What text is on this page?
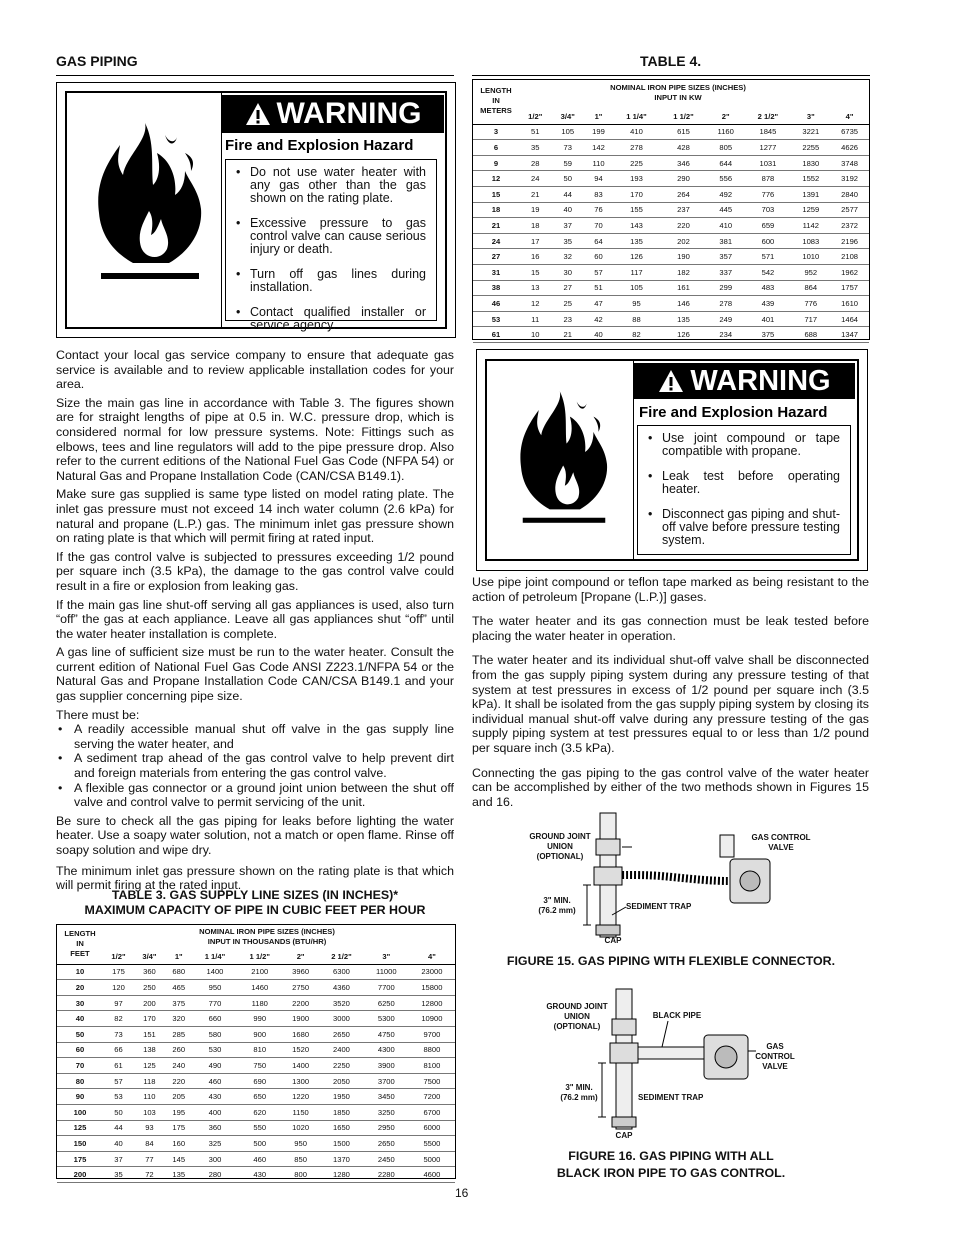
GAS PIPING	TABLE 4.
WARNING
Fire and Explosion Hazard
• Do not use water heater with any gas other than the gas shown on the rating plate.
• Excessive pressure to gas control valve can cause serious injury or death.
• Turn off gas lines during installation.
• Contact qualified installer or service agency.

Contact your local gas service company to ensure that adequate gas service is available and to review applicable installation codes for your area.

Size the main gas line in accordance with Table 3. The figures shown are for straight lengths of pipe at 0.5 in. W.C. pressure drop, which is considered normal for low pressure systems. Note: Fittings such as elbows, tees and line regulators will add to the pipe pressure drop. Also refer to the current editions of the National Fuel Gas Code (NFPA 54) or Natural Gas and Propane Installation Code (CAN/CSA B149.1).

Make sure gas supplied is same type listed on model rating plate. The inlet gas pressure must not exceed 14 inch water column (2.6 kPa) for natural and propane (L.P.) gas. The minimum inlet gas pressure shown on rating plate is that which will permit firing at rated input.

If the gas control valve is subjected to pressures exceeding 1/2 pound per square inch (3.5 kPa), the damage to the gas control valve could result in a fire or explosion from leaking gas.

If the main gas line shut-off serving all gas appliances is used, also turn “off” the gas at each appliance. Leave all gas appliances shut “off” until the water heater installation is complete.

A gas line of sufficient size must be run to the water heater. Consult the current edition of National Fuel Gas Code ANSI Z223.1/NFPA 54 or the Natural Gas and Propane Installation Code CAN/CSA B149.1 and your gas supplier concerning pipe size.

There must be:

• A readily accessible manual shut off valve in the gas supply line serving the water heater, and
• A sediment trap ahead of the gas control valve to help prevent dirt and foreign materials from entering the gas control valve.
• A flexible gas connector or a ground joint union between the shut off valve and control valve to permit servicing of the unit.

Be sure to check all the gas piping for leaks before lighting the water heater. Use a soapy water solution, not a match or open flame. Rinse off soapy solution and wipe dry.

The minimum inlet gas pressure shown on the rating plate is that which will permit firing at the rated input.

TABLE 3. GAS SUPPLY LINE SIZES (IN INCHES)*
MAXIMUM CAPACITY OF PIPE IN CUBIC FEET PER HOUR
LENGTH
IN
FEET
NOMINAL IRON PIPE SIZES (INCHES)
INPUT IN THOUSANDS (BTU/HR)
	1/2"	3/4"	1"	1 1/4"	1 1/2"	2"	2 1/2"	3"	4"
10	175	360	680	1400	2100	3960	6300	11000	23000
20	120	250	465	950	1460	2750	4360	7700	15800
30	97	200	375	770	1180	2200	3520	6250	12800
40	82	170	320	660	990	1900	3000	5300	10900
50	73	151	285	580	900	1680	2650	4750	9700
60	66	138	260	530	810	1520	2400	4300	8800
70	61	125	240	490	750	1400	2250	3900	8100
80	57	118	220	460	690	1300	2050	3700	7500
90	53	110	205	430	650	1220	1950	3450	7200
100	50	103	195	400	620	1150	1850	3250	6700
125	44	93	175	360	550	1020	1650	2950	6000
150	40	84	160	325	500	950	1500	2650	5500
175	37	77	145	300	460	850	1370	2450	5000
200	35	72	135	280	430	800	1280	2280	4600
LENGTH
IN
METERS
NOMINAL IRON PIPE SIZES (INCHES)
INPUT IN KW
	1/2"	3/4"	1"	1 1/4"	1 1/2"	2"	2 1/2"	3"	4"
3	51	105	199	410	615	1160	1845	3221	6735
6	35	73	142	278	428	805	1277	2255	4626
9	28	59	110	225	346	644	1031	1830	3748
12	24	50	94	193	290	556	878	1552	3192
15	21	44	83	170	264	492	776	1391	2840
18	19	40	76	155	237	445	703	1259	2577
21	18	37	70	143	220	410	659	1142	2372
24	17	35	64	135	202	381	600	1083	2196
27	16	32	60	126	190	357	571	1010	2108
31	15	30	57	117	182	337	542	952	1962
38	13	27	51	105	161	299	483	864	1757
46	12	25	47	95	146	278	439	776	1610
53	11	23	42	88	135	249	401	717	1464
61	10	21	40	82	126	234	375	688	1347
WARNING
Fire and Explosion Hazard
• Use joint compound or tape compatible with propane.
• Leak test before operating heater.
• Disconnect gas piping and shut-off valve before pressure testing system.

Use pipe joint compound or teflon tape marked as being resistant to the action of petroleum [Propane (L.P.)] gases.

The water heater and its gas connection must be leak tested before placing the water heater in operation.

The water heater and its individual shut-off valve shall be disconnected from the gas supply piping system during any pressure testing of that system at test pressures in excess of 1/2 pound per square inch (3.5 kPa). It shall be isolated from the gas supply piping system by closing its individual manual shut-off valve during any pressure testing of the gas supply piping system at test pressures equal to or less than 1/2 pound per square inch (3.5 kPa).

Connecting the gas piping to the gas control valve of the water heater can be accomplished by either of the two methods shown in Figures 15 and 16.

GROUND JOINT
UNION
(OPTIONAL)
GAS CONTROL
VALVE
3" MIN.
(76.2 mm)	SEDIMENT TRAP
CAP
FIGURE 15. GAS PIPING WITH FLEXIBLE CONNECTOR.
GROUND JOINT
UNION
(OPTIONAL)
BLACK PIPE
GAS
CONTROL
VALVE
3" MIN.
(76.2 mm)	SEDIMENT TRAP
CAP
FIGURE 16. GAS PIPING WITH ALL
BLACK IRON PIPE TO GAS CONTROL.
16
